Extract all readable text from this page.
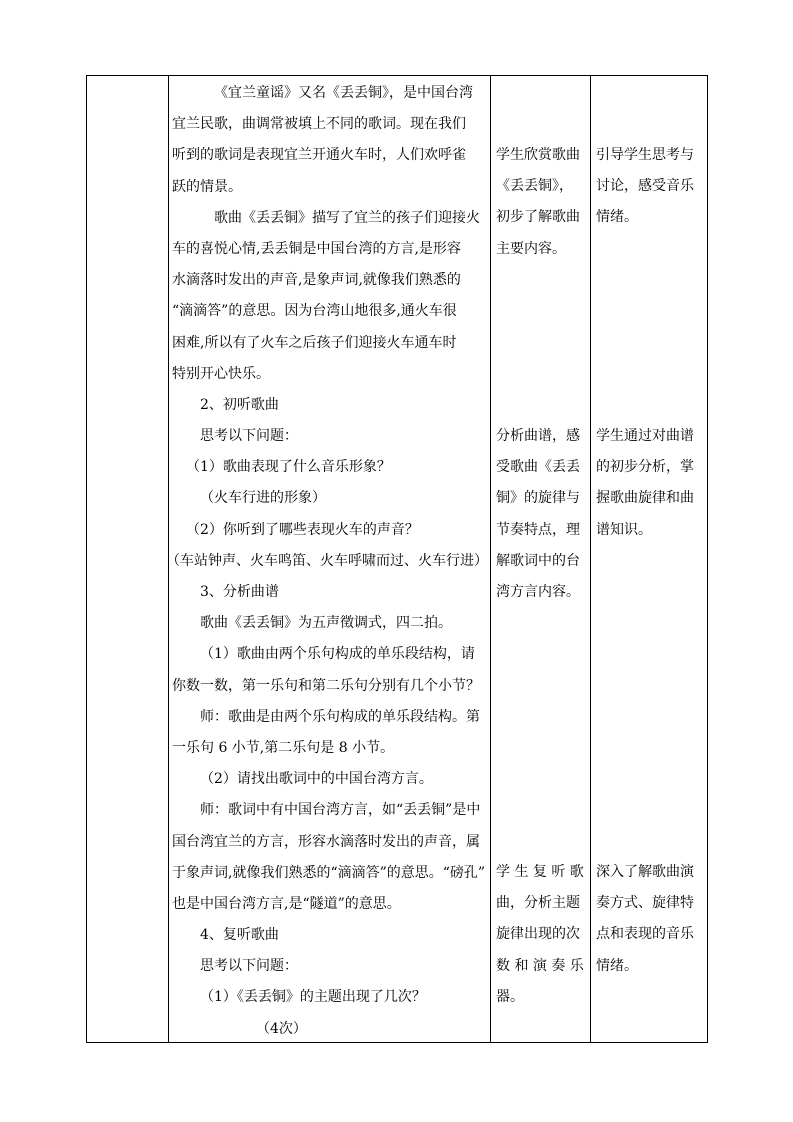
《宜兰童谣》又名《丢丢铜》，是中国台湾
宜兰民歌，曲调常被填上不同的歌词。现在我们
听到的歌词是表现宜兰开通火车时，人们欢呼雀
跃的情景。
歌曲《丢丢铜》描写了宜兰的孩子们迎接火
车的喜悦心情,丢丢铜是中国台湾的方言,是形容
水滴落时发出的声音,是象声词,就像我们熟悉的
“滴滴答”的意思。因为台湾山地很多,通火车很
困难,所以有了火车之后孩子们迎接火车通车时
特别开心快乐。
2、初听歌曲
思考以下问题：
（1）歌曲表现了什么音乐形象？
（火车行进的形象）
（2）你听到了哪些表现火车的声音？
（车站钟声、火车鸣笛、火车呼啸而过、火车行进）
3、分析曲谱
歌曲《丢丢铜》为五声徵调式，四二拍。
（1）歌曲由两个乐句构成的单乐段结构，请
你数一数，第一乐句和第二乐句分别有几个小节？
师：歌曲是由两个乐句构成的单乐段结构。第
一乐句 6 小节,第二乐句是 8 小节。
（2）请找出歌词中的中国台湾方言。
师：歌词中有中国台湾方言，如“丢丢铜”是中
国台湾宜兰的方言，形容水滴落时发出的声音，属
于象声词,就像我们熟悉的“滴滴答”的意思。“磅孔”
也是中国台湾方言,是“隧道”的意思。
4、复听歌曲
思考以下问题：
（1）《丢丢铜》的主题出现了几次？
（4次）
学生欣赏歌曲
《丢丢铜》，
初步了解歌曲
主要内容。
分析曲谱，感
受歌曲《丢丢
铜》的旋律与
节奏特点，理
解歌词中的台
湾方言内容。
学 生 复 听 歌
曲，分析主题
旋律出现的次
数 和 演 奏 乐
器。
引导学生思考与
讨论，感受音乐
情绪。
学生通过对曲谱
的初步分析，掌
握歌曲旋律和曲
谱知识。
深入了解歌曲演
奏方式、旋律特
点和表现的音乐
情绪。
